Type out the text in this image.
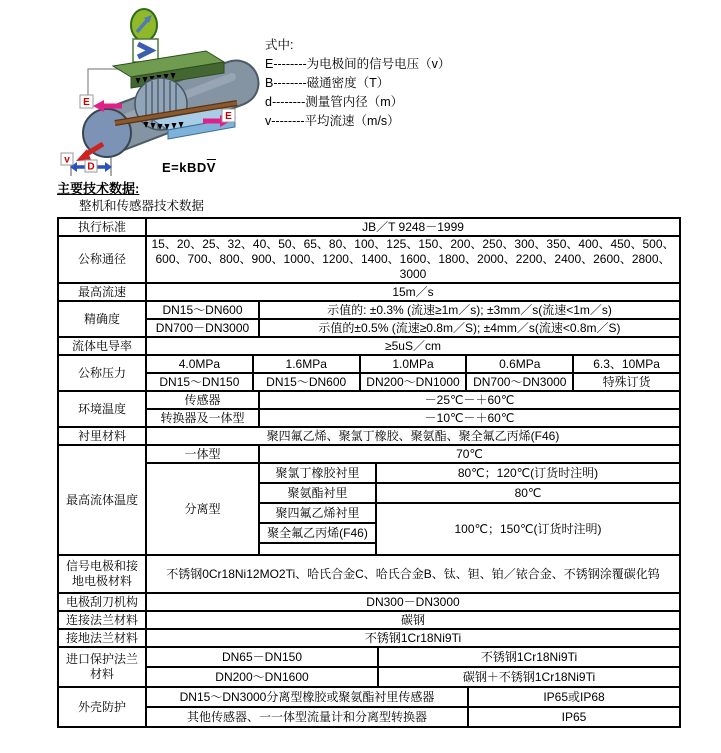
E
E
v
D	$E=kBD\overline{V}$
式中:
E--------为电极间的信号电压（v）
B--------磁通密度（T）
d--------测量管内径（m）
v--------平均流速（m/s）
主要技术数据:
整机和传感器技术数据
执行标准	JB／T 9248－1999
公称通径	15、20、25、32、40、50、65、80、100、125、150、200、250、300、350、400、450、500、600、700、800、900、1000、1200、1400、1600、1800、2000、2200、2400、2600、2800、3000
最高流速	15m／s
精确度	DN15～DN600	示值的: ±0.3% (流速≥1m／s); ±3mm／s(流速<1m／s)
	DN700－DN3000	示值的±0.5% (流速≥0.8m／S); ±4mm／s(流速<0.8m／S)
流体电导率	≥5uS／cm
公称压力	4.0MPa	1.6MPa	1.0MPa	0.6MPa	6.3、10MPa
	DN15～DN150	DN15～DN600	DN200～DN1000	DN700～DN3000	特殊订货
环境温度	传感器	－25℃－＋60℃
	转换器及一体型	－10℃－＋60℃
衬里材料	聚四氟乙烯、聚氯丁橡胶、聚氨酯、聚全氟乙丙烯(F46)
最高流体温度	一体型	70℃	
	分离型	聚氯丁橡胶衬里	80℃；120℃(订货时注明)
		聚氨酯衬里	80℃
		聚四氟乙烯衬里	100℃；150℃(订货时注明)
		聚全氟乙丙烯(F46)	

信号电极和接地电极材料	不锈钢0Cr18Ni12MO2Ti、哈氏合金C、哈氏合金B、钛、钽、铂／铱合金、不锈钢涂覆碳化钨
电极刮刀机构	DN300－DN3000
连接法兰材料	碳钢
接地法兰材料	不锈钢1Cr18Ni9Ti
进口保护法兰材料	DN65－DN150	不锈钢1Cr18Ni9Ti
	DN200～DN1600	碳钢＋不锈钢1Cr18Ni9Ti
外壳防护	DN15～DN3000分离型橡胶或聚氨酯衬里传感器	IP65或IP68
	其他传感器、一一体型流量计和分离型转换器	IP65
